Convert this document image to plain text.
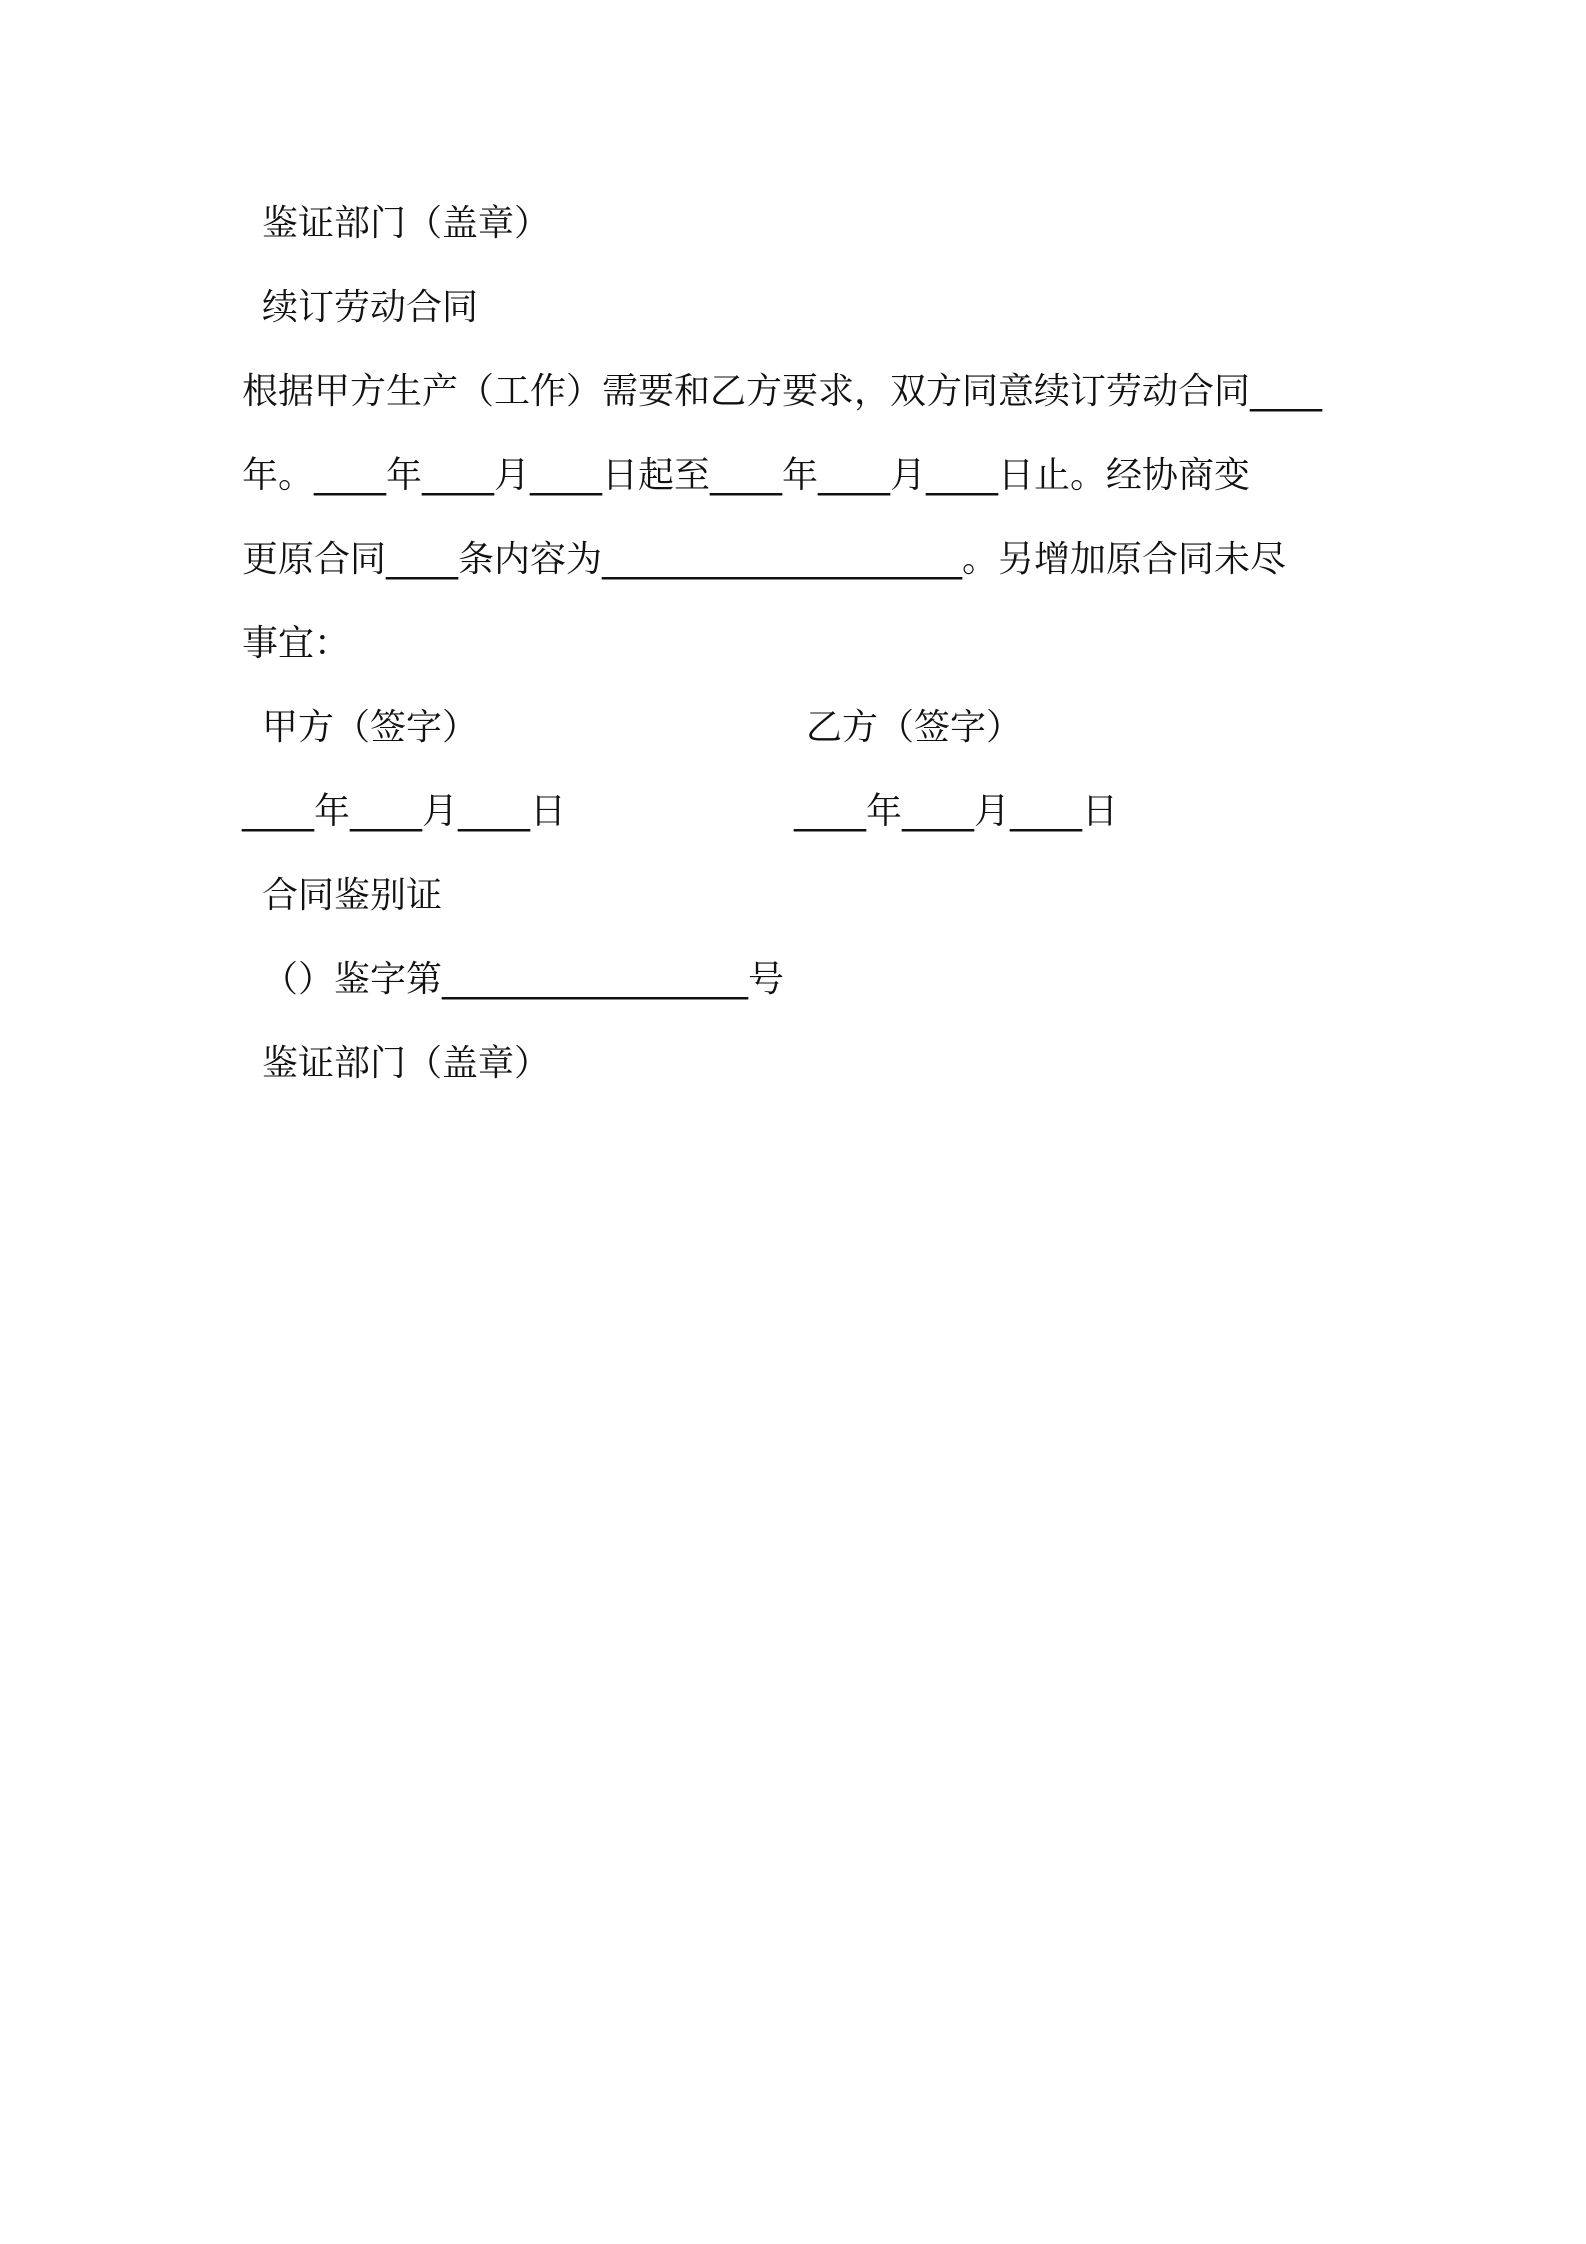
鉴证部门（盖章）

续订劳动合同

根据甲方生产（工作）需要和乙方要求，双方同意续订劳动合同____

年。____年____月____日起至____年____月____日止。经协商变

更原合同____条内容为____________________。另增加原合同未尽

事宜：

甲方（签字）	乙方（签字）

____年____月____日	____年____月____日

合同鉴别证

（）鉴字第_________________号

鉴证部门（盖章）
